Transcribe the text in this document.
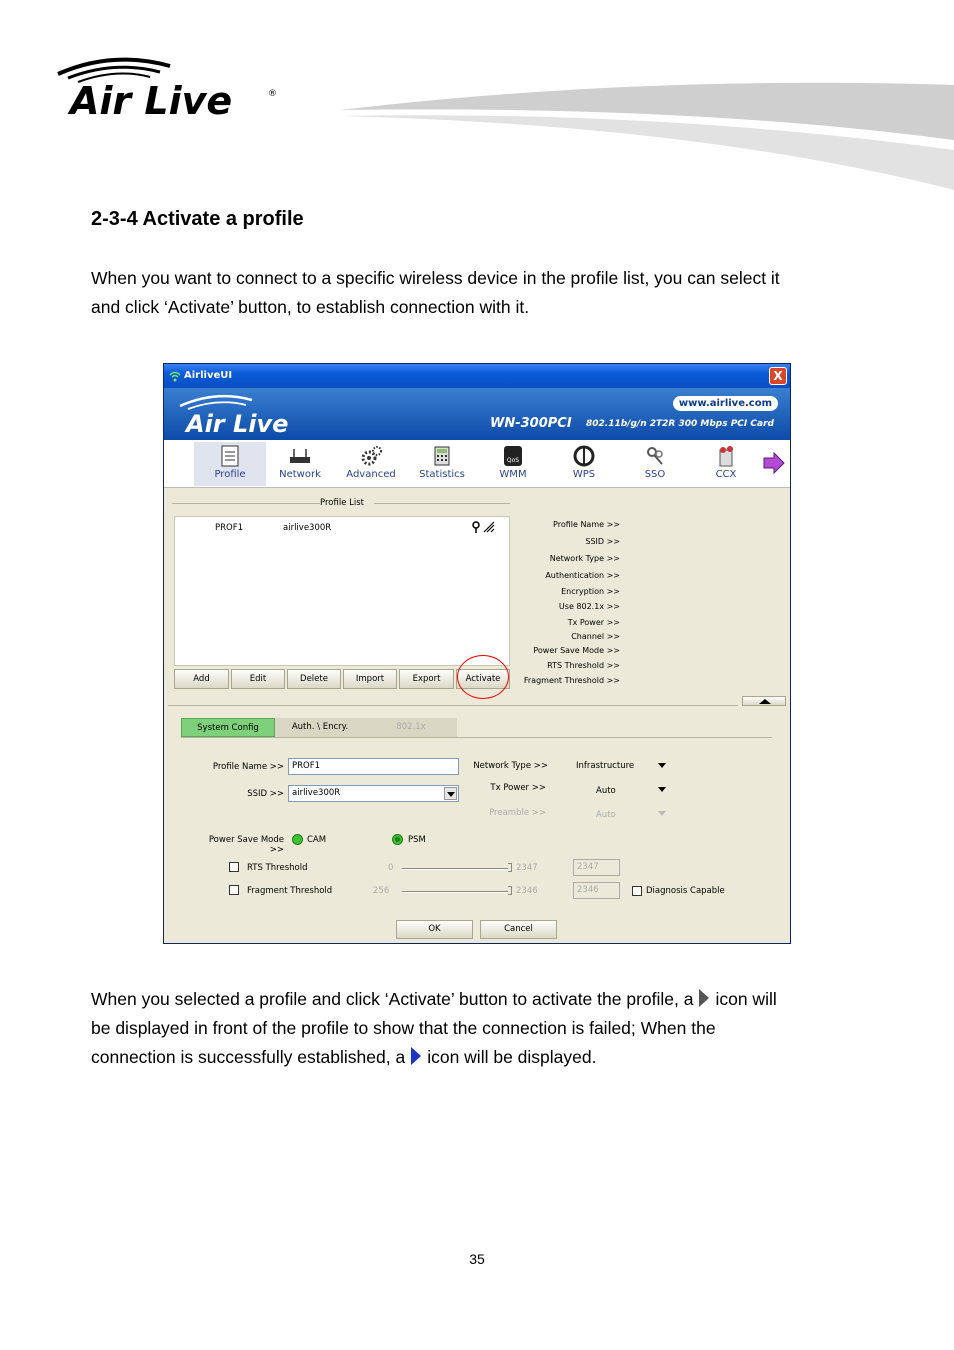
Air Live	®
2-3-4 Activate a profile
When you want to connect to a specific wireless device in the profile list, you can select it
and click ‘Activate’ button, to establish connection with it.
AirliveUI	X
Air Live
www.airlive.com
WN-300PCI 802.11b/g/n 2T2R 300 Mbps PCI Card
Profile	Network	Advanced	Statistics
QoS
WMM	WPS	SSO	CCX
Profile List
PROF1	airlive300R
Add	Edit	Delete	Import	Export	Activate
Profile Name >>
SSID >>
Network Type >>
Authentication >>
Encryption >>
Use 802.1x >>
Tx Power >>
Channel >>
Power Save Mode >>
RTS Threshold >>
Fragment Threshold >>
System Config	Auth. \ Encry.	802.1x
Profile Name >> PROF1
SSID >> airlive300R
Network Type >>	Infrastructure
Tx Power >>	Auto
Preamble >>	Auto
Power Save Mode >>
CAM	PSM
RTS Threshold	0	2347	2347
Fragment Threshold	256	2346	2346	Diagnosis Capable
OK	Cancel
When you selected a profile and click ‘Activate’ button to activate the profile, a icon will
be displayed in front of the profile to show that the connection is failed; When the
connection is successfully established, a icon will be displayed.
35
